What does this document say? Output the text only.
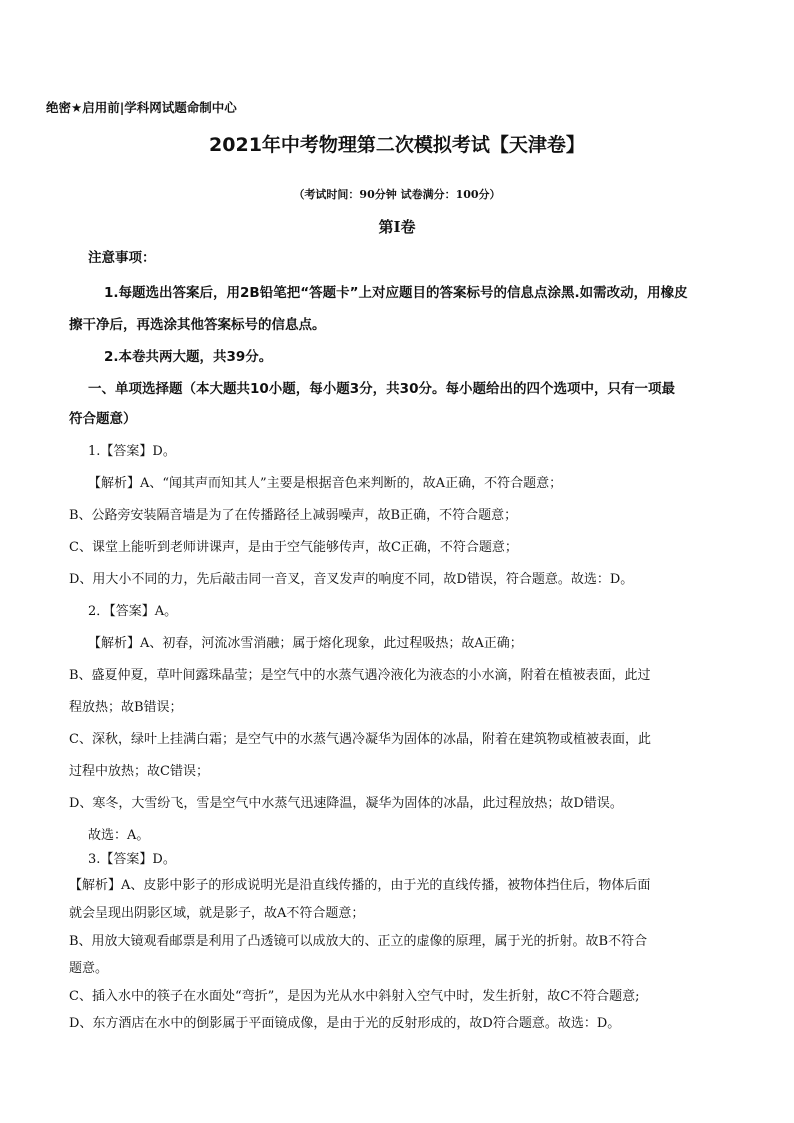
绝密★启用前|学科网试题命制中心
2021年中考物理第二次模拟考试【天津卷】
（考试时间：90分钟 试卷满分：100分）
第Ⅰ卷
注意事项：
1.每题选出答案后，用2B铅笔把“答题卡”上对应题目的答案标号的信息点涂黑.如需改动，用橡皮
擦干净后，再选涂其他答案标号的信息点。
2.本卷共两大题，共39分。
一、单项选择题（本大题共10小题，每小题3分，共30分。每小题给出的四个选项中，只有一项最
符合题意）
1.【答案】D。
【解析】A、“闻其声而知其人”主要是根据音色来判断的，故A正确，不符合题意；
B、公路旁安装隔音墙是为了在传播路径上减弱噪声，故B正确，不符合题意；
C、课堂上能听到老师讲课声，是由于空气能够传声，故C正确，不符合题意；
D、用大小不同的力，先后敲击同一音叉，音叉发声的响度不同，故D错误，符合题意。故选：D。
2．【答案】A。
【解析】A、初春，河流冰雪消融；属于熔化现象，此过程吸热；故A正确；
B、盛夏仲夏，草叶间露珠晶莹；是空气中的水蒸气遇冷液化为液态的小水滴，附着在植被表面，此过
程放热；故B错误；
C、深秋，绿叶上挂满白霜；是空气中的水蒸气遇冷凝华为固体的冰晶，附着在建筑物或植被表面，此
过程中放热；故C错误；
D、寒冬，大雪纷飞，雪是空气中水蒸气迅速降温，凝华为固体的冰晶，此过程放热；故D错误。
故选：A。
3.【答案】D。
【解析】A、皮影中影子的形成说明光是沿直线传播的，由于光的直线传播，被物体挡住后，物体后面
就会呈现出阴影区域，就是影子，故A不符合题意；
B、用放大镜观看邮票是利用了凸透镜可以成放大的、正立的虚像的原理，属于光的折射。故B不符合
题意。
C、插入水中的筷子在水面处“弯折”，是因为光从水中斜射入空气中时，发生折射，故C不符合题意;
D、东方酒店在水中的倒影属于平面镜成像，是由于光的反射形成的，故D符合题意。故选：D。
